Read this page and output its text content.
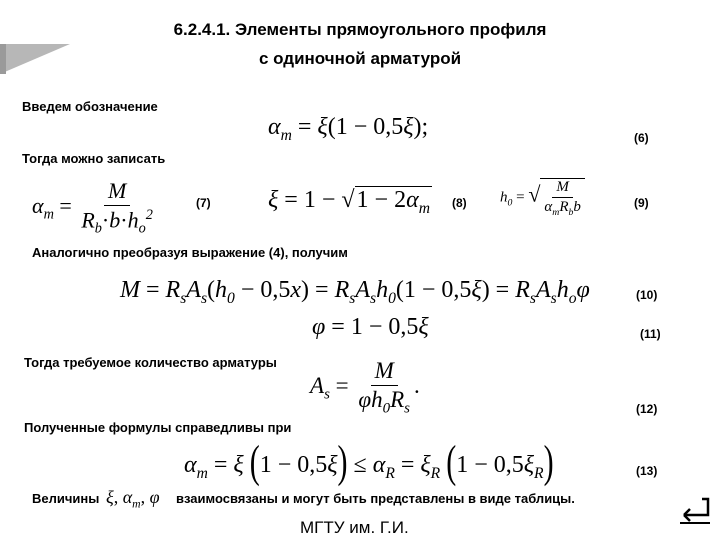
6.2.4.1. Элементы прямоугольного профиля
с одиночной арматурой
Введем обозначение
$\alpha_m = \xi(1 - 0,5\xi)$;	(6)
Тогда можно записать
$\alpha_m = \frac{M}{R_b\cdot b\cdot h_o^2}$	(7) $\xi = 1 - √1 - 2\alpha_m$ (8) $h_0$ = √ $\frac{M}{\alpha_mR_bb}$	(9)
Аналогично преобразуя выражение (4), получим
$M = R_sA_s(h_0 - 0,5x) = R_sA_sh_0(1 - 0,5\xi) = R_sA_sh_o\varphi$	(10)
φ = 1 − 0,5ξ	(11)
Тогда требуемое количество арматуры
$A_s = \frac{M}{\varphi h_0R_s}$ .
(12)
Полученные формулы справедливы при
$\alpha_m = \xi$ $(1 - 0,5\xi) \le \alpha_R = \xi_R$ $(1 - 0,5\xi_R)$	(13)
Величины ξ, $\alpha_m$, φ взаимосвязаны и могут быть представлены в виде таблицы.
МГТУ им. Г.И.
